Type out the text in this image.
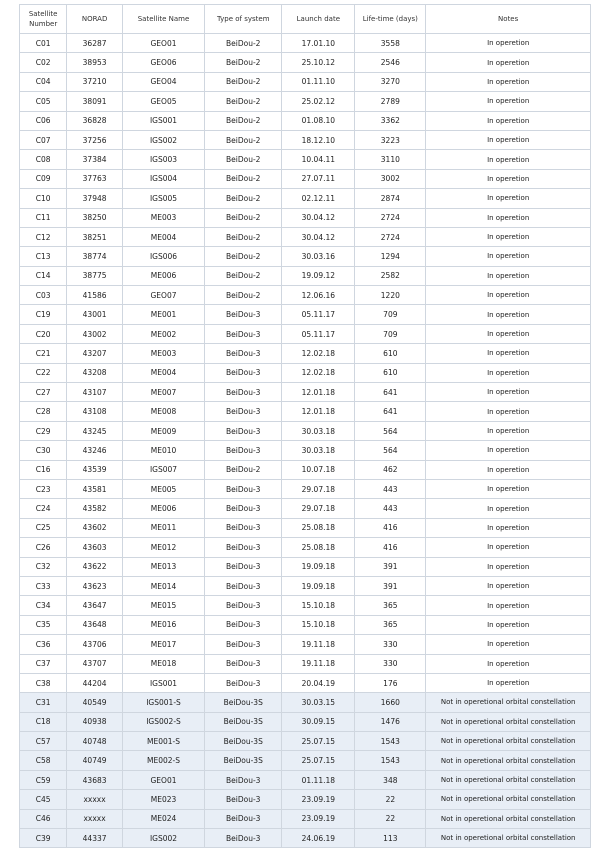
Satellite Number	NORAD	Satellite Name	Type of system	Launch date	Life-time (days)	Notes
C01	36287	GEO01	BeiDou-2	17.01.10	3558	In operetion
C02	38953	GEO06	BeiDou-2	25.10.12	2546	In operetion
C04	37210	GEO04	BeiDou-2	01.11.10	3270	In operetion
C05	38091	GEO05	BeiDou-2	25.02.12	2789	In operetion
C06	36828	IGS001	BeiDou-2	01.08.10	3362	In operetion
C07	37256	IGS002	BeiDou-2	18.12.10	3223	In operetion
C08	37384	IGS003	BeiDou-2	10.04.11	3110	In operetion
C09	37763	IGS004	BeiDou-2	27.07.11	3002	In operetion
C10	37948	IGS005	BeiDou-2	02.12.11	2874	In operetion
C11	38250	ME003	BeiDou-2	30.04.12	2724	In operetion
C12	38251	ME004	BeiDou-2	30.04.12	2724	In operetion
C13	38774	IGS006	BeiDou-2	30.03.16	1294	In operetion
C14	38775	ME006	BeiDou-2	19.09.12	2582	In operetion
C03	41586	GEO07	BeiDou-2	12.06.16	1220	In operetion
C19	43001	ME001	BeiDou-3	05.11.17	709	In operetion
C20	43002	ME002	BeiDou-3	05.11.17	709	In operetion
C21	43207	ME003	BeiDou-3	12.02.18	610	In operetion
C22	43208	ME004	BeiDou-3	12.02.18	610	In operetion
C27	43107	ME007	BeiDou-3	12.01.18	641	In operetion
C28	43108	ME008	BeiDou-3	12.01.18	641	In operetion
C29	43245	ME009	BeiDou-3	30.03.18	564	In operetion
C30	43246	ME010	BeiDou-3	30.03.18	564	In operetion
C16	43539	IGS007	BeiDou-2	10.07.18	462	In operetion
C23	43581	ME005	BeiDou-3	29.07.18	443	In operetion
C24	43582	ME006	BeiDou-3	29.07.18	443	In operetion
C25	43602	ME011	BeiDou-3	25.08.18	416	In operetion
C26	43603	ME012	BeiDou-3	25.08.18	416	In operetion
C32	43622	ME013	BeiDou-3	19.09.18	391	In operetion
C33	43623	ME014	BeiDou-3	19.09.18	391	In operetion
C34	43647	ME015	BeiDou-3	15.10.18	365	In operetion
C35	43648	ME016	BeiDou-3	15.10.18	365	In operetion
C36	43706	ME017	BeiDou-3	19.11.18	330	In operetion
C37	43707	ME018	BeiDou-3	19.11.18	330	In operetion
C38	44204	IGS001	BeiDou-3	20.04.19	176	In operetion
C31	40549	IGS001-S	BeiDou-3S	30.03.15	1660	Not in operetional orbital constellation
C18	40938	IGS002-S	BeiDou-3S	30.09.15	1476	Not in operetional orbital constellation
C57	40748	ME001-S	BeiDou-3S	25.07.15	1543	Not in operetional orbital constellation
C58	40749	ME002-S	BeiDou-3S	25.07.15	1543	Not in operetional orbital constellation
C59	43683	GEO01	BeiDou-3	01.11.18	348	Not in operetional orbital constellation
C45	xxxxx	ME023	BeiDou-3	23.09.19	22	Not in operetional orbital constellation
C46	xxxxx	ME024	BeiDou-3	23.09.19	22	Not in operetional orbital constellation
C39	44337	IGS002	BeiDou-3	24.06.19	113	Not in operetional orbital constellation
